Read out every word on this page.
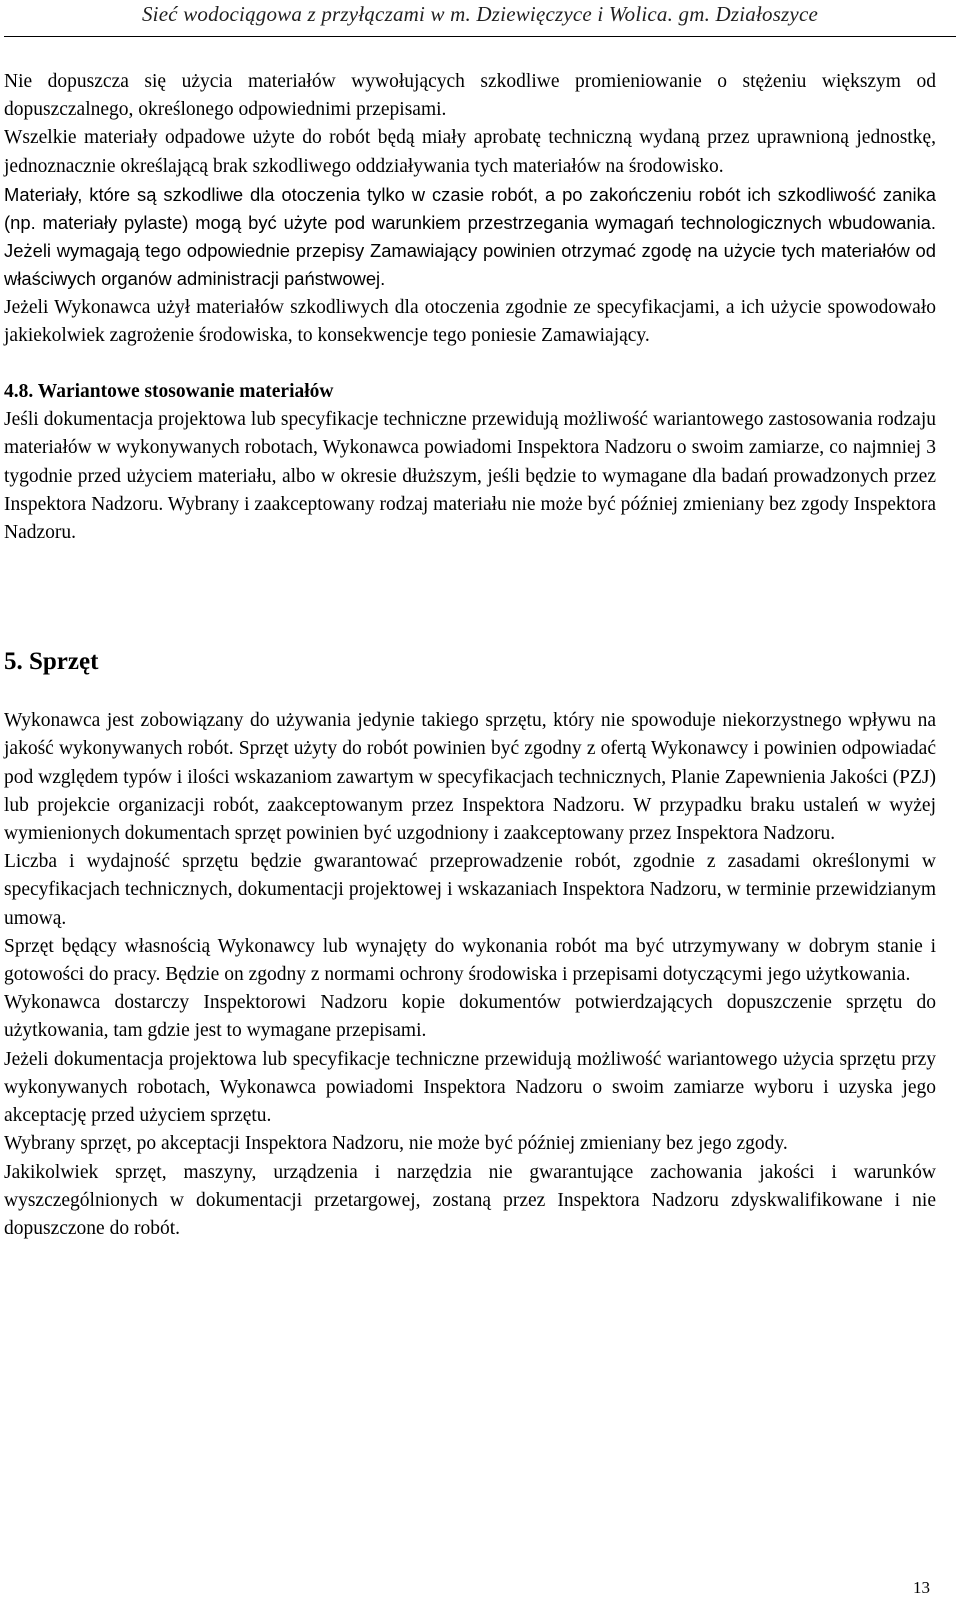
Sieć wodociągowa z przyłączami w m. Dziewięczyce i Wolica. gm. Działoszyce

Nie dopuszcza się użycia materiałów wywołujących szkodliwe promieniowanie o stężeniu większym od dopuszczalnego, określonego odpowiednimi przepisami.

Wszelkie materiały odpadowe użyte do robót będą miały aprobatę techniczną wydaną przez uprawnioną jednostkę, jednoznacznie określającą brak szkodliwego oddziaływania tych materiałów na środowisko.

Materiały, które są szkodliwe dla otoczenia tylko w czasie robót, a po zakończeniu robót ich szkodliwość zanika (np. materiały pylaste) mogą być użyte pod warunkiem przestrzegania wymagań technologicznych wbudowania. Jeżeli wymagają tego odpowiednie przepisy Zamawiający powinien otrzymać zgodę na użycie tych materiałów od właściwych organów administracji państwowej.

Jeżeli Wykonawca użył materiałów szkodliwych dla otoczenia zgodnie ze specyfikacjami, a ich użycie spowodowało jakiekolwiek zagrożenie środowiska, to konsekwencje tego poniesie Zamawiający.

4.8. Wariantowe stosowanie materiałów

Jeśli dokumentacja projektowa lub specyfikacje techniczne przewidują możliwość wariantowego zastosowania rodzaju materiałów w wykonywanych robotach, Wykonawca powiadomi Inspektora Nadzoru o swoim zamiarze, co najmniej 3 tygodnie przed użyciem materiału, albo w okresie dłuższym, jeśli będzie to wymagane dla badań prowadzonych przez Inspektora Nadzoru. Wybrany i zaakceptowany rodzaj materiału nie może być później zmieniany bez zgody Inspektora Nadzoru.

5. Sprzęt

Wykonawca jest zobowiązany do używania jedynie takiego sprzętu, który nie spowoduje niekorzystnego wpływu na jakość wykonywanych robót. Sprzęt użyty do robót powinien być zgodny z ofertą Wykonawcy i powinien odpowiadać pod względem typów i ilości wskazaniom zawartym w specyfikacjach technicznych, Planie Zapewnienia Jakości (PZJ) lub projekcie organizacji robót, zaakceptowanym przez Inspektora Nadzoru. W przypadku braku ustaleń w wyżej wymienionych dokumentach sprzęt powinien być uzgodniony i zaakceptowany przez Inspektora Nadzoru.

Liczba i wydajność sprzętu będzie gwarantować przeprowadzenie robót, zgodnie z zasadami określonymi w specyfikacjach technicznych, dokumentacji projektowej i wskazaniach Inspektora Nadzoru, w terminie przewidzianym umową.

Sprzęt będący własnością Wykonawcy lub wynajęty do wykonania robót ma być utrzymywany w dobrym stanie i gotowości do pracy. Będzie on zgodny z normami ochrony środowiska i przepisami dotyczącymi jego użytkowania.

Wykonawca dostarczy Inspektorowi Nadzoru kopie dokumentów potwierdzających dopuszczenie sprzętu do użytkowania, tam gdzie jest to wymagane przepisami.

Jeżeli dokumentacja projektowa lub specyfikacje techniczne przewidują możliwość wariantowego użycia sprzętu przy wykonywanych robotach, Wykonawca powiadomi Inspektora Nadzoru o swoim zamiarze wyboru i uzyska jego akceptację przed użyciem sprzętu.

Wybrany sprzęt, po akceptacji Inspektora Nadzoru, nie może być później zmieniany bez jego zgody.

Jakikolwiek sprzęt, maszyny, urządzenia i narzędzia nie gwarantujące zachowania jakości i warunków wyszczególnionych w dokumentacji przetargowej, zostaną przez Inspektora Nadzoru zdyskwalifikowane i nie dopuszczone do robót.

13
